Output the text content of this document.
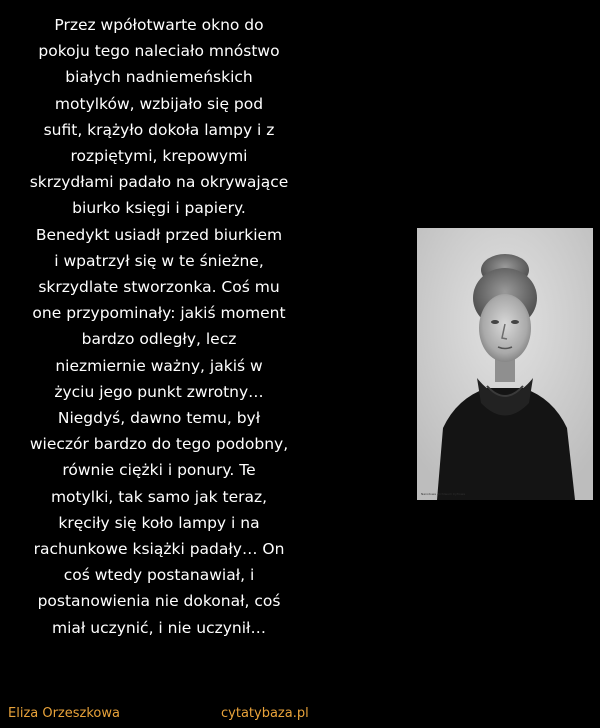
Przez wpółotwarte okno do
pokoju tego naleciało mnóstwo
białych nadniemeńskich
motylków, wzbijało się pod
sufit, krążyło dokoła lampy i z
rozpiętymi, krepowymi
skrzydłami padało na okrywające
biurko księgi i papiery.
Benedykt usiadł przed biurkiem
i wpatrzył się w te śnieżne,
skrzydlate stworzonka. Coś mu
one przypominały: jakiś moment
bardzo odległy, lecz
niezmiernie ważny, jakiś w
życiu jego punkt zwrotny…
Niegdyś, dawno temu, był
wieczór bardzo do tego podobny,
równie ciężki i ponury. Te
motylki, tak samo jak teraz,
kręciły się koło lampy i na
rachunkowe książki padały… On
coś wtedy postanawiał, i
postanowienia nie dokonał, coś
miał uczynić, i nie uczynił…
Narodowe Archiwum Cyfrowe
Eliza Orzeszkowa	cytatybaza.pl
